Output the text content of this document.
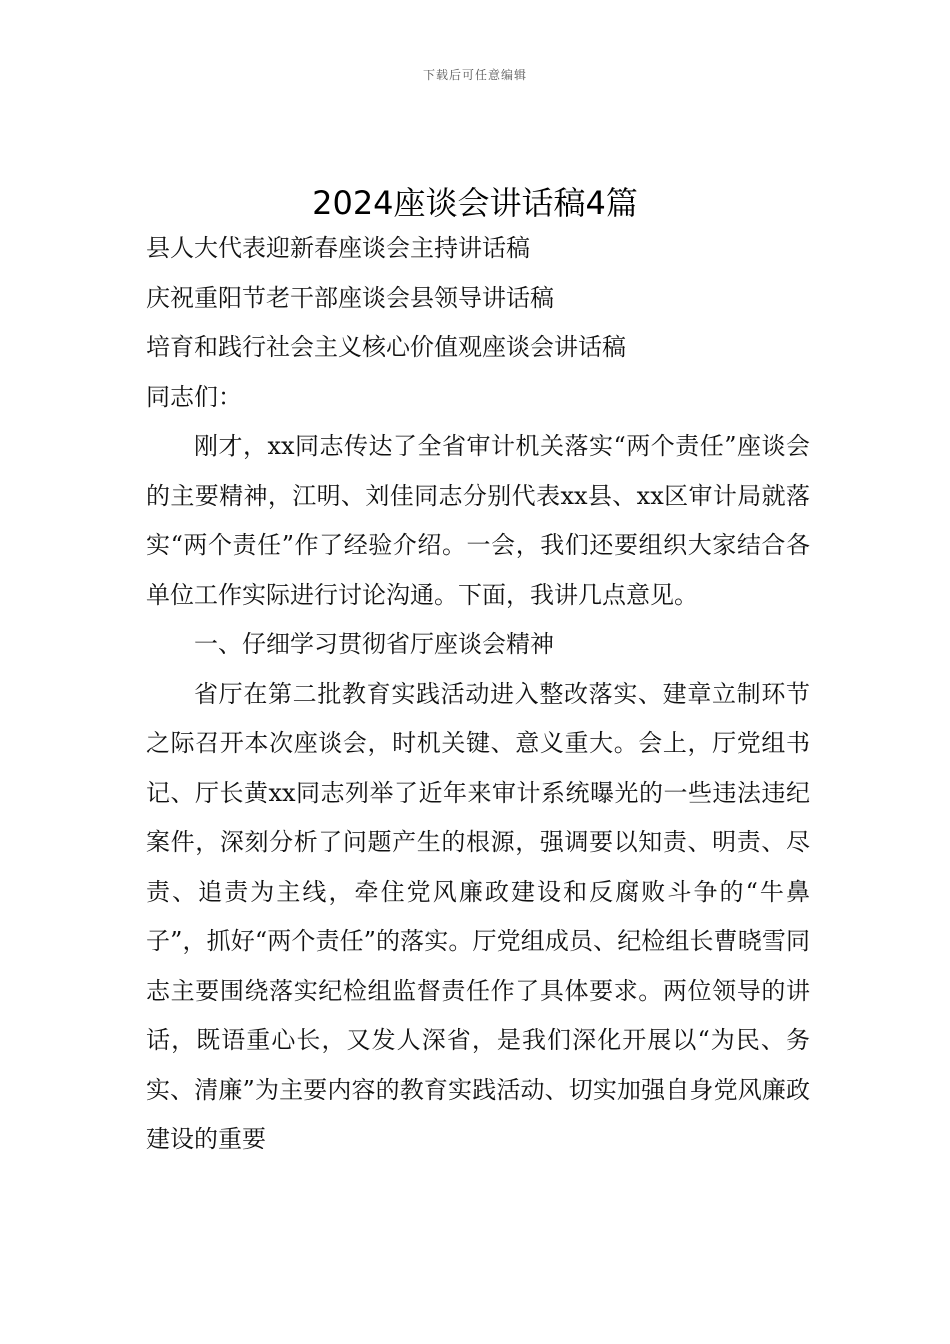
下载后可任意编辑
2024座谈会讲话稿4篇

县人大代表迎新春座谈会主持讲话稿

庆祝重阳节老干部座谈会县领导讲话稿

培育和践行社会主义核心价值观座谈会讲话稿

同志们：

刚才，xx同志传达了全省审计机关落实“两个责任”座谈会的主要精神，江明、刘佳同志分别代表xx县、xx区审计局就落实“两个责任”作了经验介绍。一会，我们还要组织大家结合各单位工作实际进行讨论沟通。下面，我讲几点意见。

一、仔细学习贯彻省厅座谈会精神

省厅在第二批教育实践活动进入整改落实、建章立制环节之际召开本次座谈会，时机关键、意义重大。会上，厅党组书记、厅长黄xx同志列举了近年来审计系统曝光的一些违法违纪案件，深刻分析了问题产生的根源，强调要以知责、明责、尽责、追责为主线，牵住党风廉政建设和反腐败斗争的“牛鼻子”，抓好“两个责任”的落实。厅党组成员、纪检组长曹晓雪同志主要围绕落实纪检组监督责任作了具体要求。两位领导的讲话，既语重心长，又发人深省，是我们深化开展以“为民、务实、清廉”为主要内容的教育实践活动、切实加强自身党风廉政建设的重要
